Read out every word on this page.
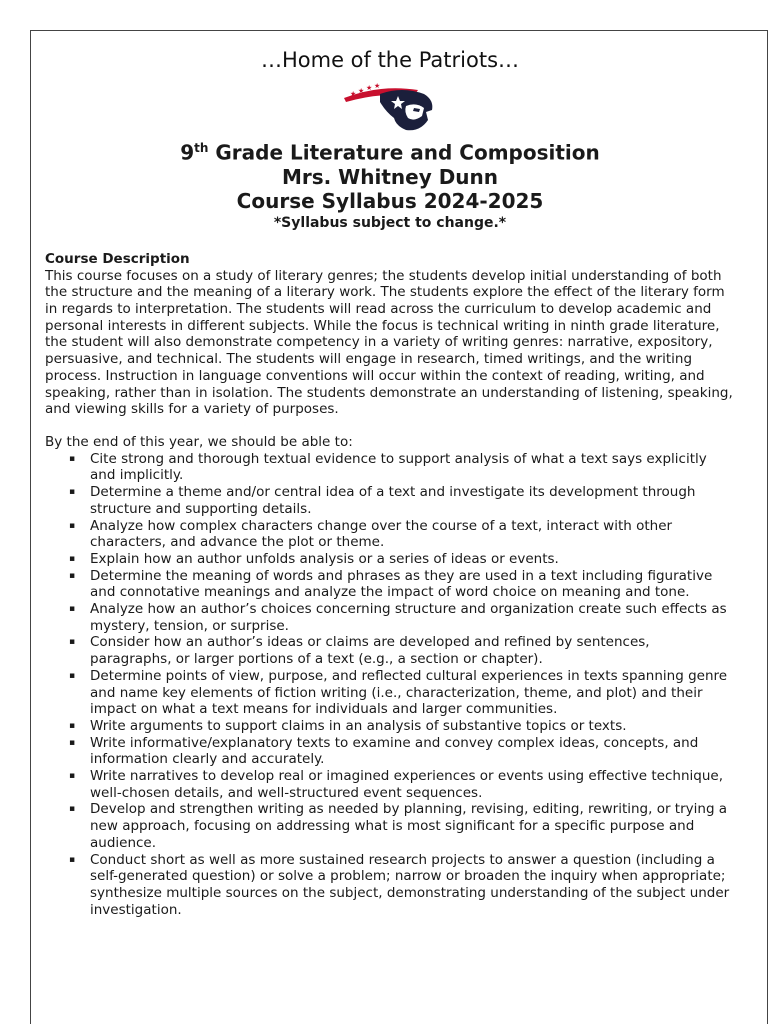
…Home of the Patriots…

★ ★ ★ ★

9th Grade Literature and Composition

Mrs. Whitney Dunn

Course Syllabus 2024-2025

*Syllabus subject to change.*

Course Description

This course focuses on a study of literary genres; the students develop initial understanding of both the structure and the meaning of a literary work. The students explore the effect of the literary form in regards to interpretation. The students will read across the curriculum to develop academic and personal interests in different subjects. While the focus is technical writing in ninth grade literature, the student will also demonstrate competency in a variety of writing genres: narrative, expository, persuasive, and technical. The students will engage in research, timed writings, and the writing process. Instruction in language conventions will occur within the context of reading, writing, and speaking, rather than in isolation. The students demonstrate an understanding of listening, speaking, and viewing skills for a variety of purposes.

By the end of this year, we should be able to:

▪ Cite strong and thorough textual evidence to support analysis of what a text says explicitly and implicitly.
▪ Determine a theme and/or central idea of a text and investigate its development through structure and supporting details.
▪ Analyze how complex characters change over the course of a text, interact with other characters, and advance the plot or theme.
▪ Explain how an author unfolds analysis or a series of ideas or events.
▪ Determine the meaning of words and phrases as they are used in a text including figurative and connotative meanings and analyze the impact of word choice on meaning and tone.
▪ Analyze how an author’s choices concerning structure and organization create such effects as mystery, tension, or surprise.
▪ Consider how an author’s ideas or claims are developed and refined by sentences, paragraphs, or larger portions of a text (e.g., a section or chapter).
▪ Determine points of view, purpose, and reflected cultural experiences in texts spanning genre and name key elements of fiction writing (i.e., characterization, theme, and plot) and their impact on what a text means for individuals and larger communities.
▪ Write arguments to support claims in an analysis of substantive topics or texts.
▪ Write informative/explanatory texts to examine and convey complex ideas, concepts, and information clearly and accurately.
▪ Write narratives to develop real or imagined experiences or events using effective technique, well-chosen details, and well-structured event sequences.
▪ Develop and strengthen writing as needed by planning, revising, editing, rewriting, or trying a new approach, focusing on addressing what is most significant for a specific purpose and audience.
▪ Conduct short as well as more sustained research projects to answer a question (including a self-generated question) or solve a problem; narrow or broaden the inquiry when appropriate; synthesize multiple sources on the subject, demonstrating understanding of the subject under investigation.
